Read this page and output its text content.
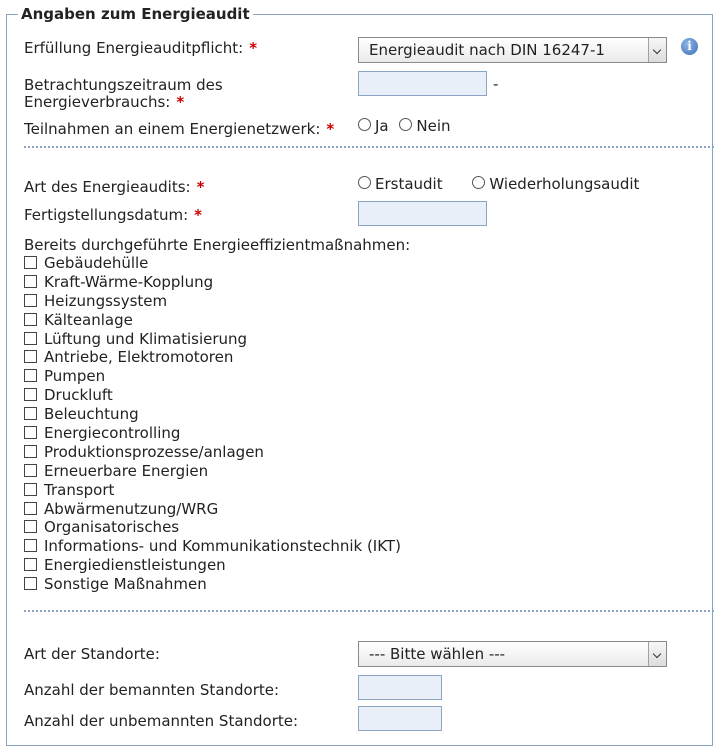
Angaben zum Energieaudit
Erfüllung Energieauditpflicht: *	Energieaudit nach DIN 16247-1	i
Betrachtungszeitraum des
Energieverbrauchs: *
-
Teilnahmen an einem Energienetzwerk: *	Ja Nein
Art des Energieaudits: *	Erstaudit	Wiederholungsaudit
Fertigstellungsdatum: *
Bereits durchgeführte Energieeffizientmaßnahmen:
Gebäudehülle
Kraft-Wärme-Kopplung
Heizungssystem
Kälteanlage
Lüftung und Klimatisierung
Antriebe, Elektromotoren
Pumpen
Druckluft
Beleuchtung
Energiecontrolling
Produktionsprozesse/anlagen
Erneuerbare Energien
Transport
Abwärmenutzung/WRG
Organisatorisches
Informations- und Kommunikationstechnik (IKT)
Energiedienstleistungen
Sonstige Maßnahmen
Art der Standorte:	--- Bitte wählen ---
Anzahl der bemannten Standorte:
Anzahl der unbemannten Standorte:
